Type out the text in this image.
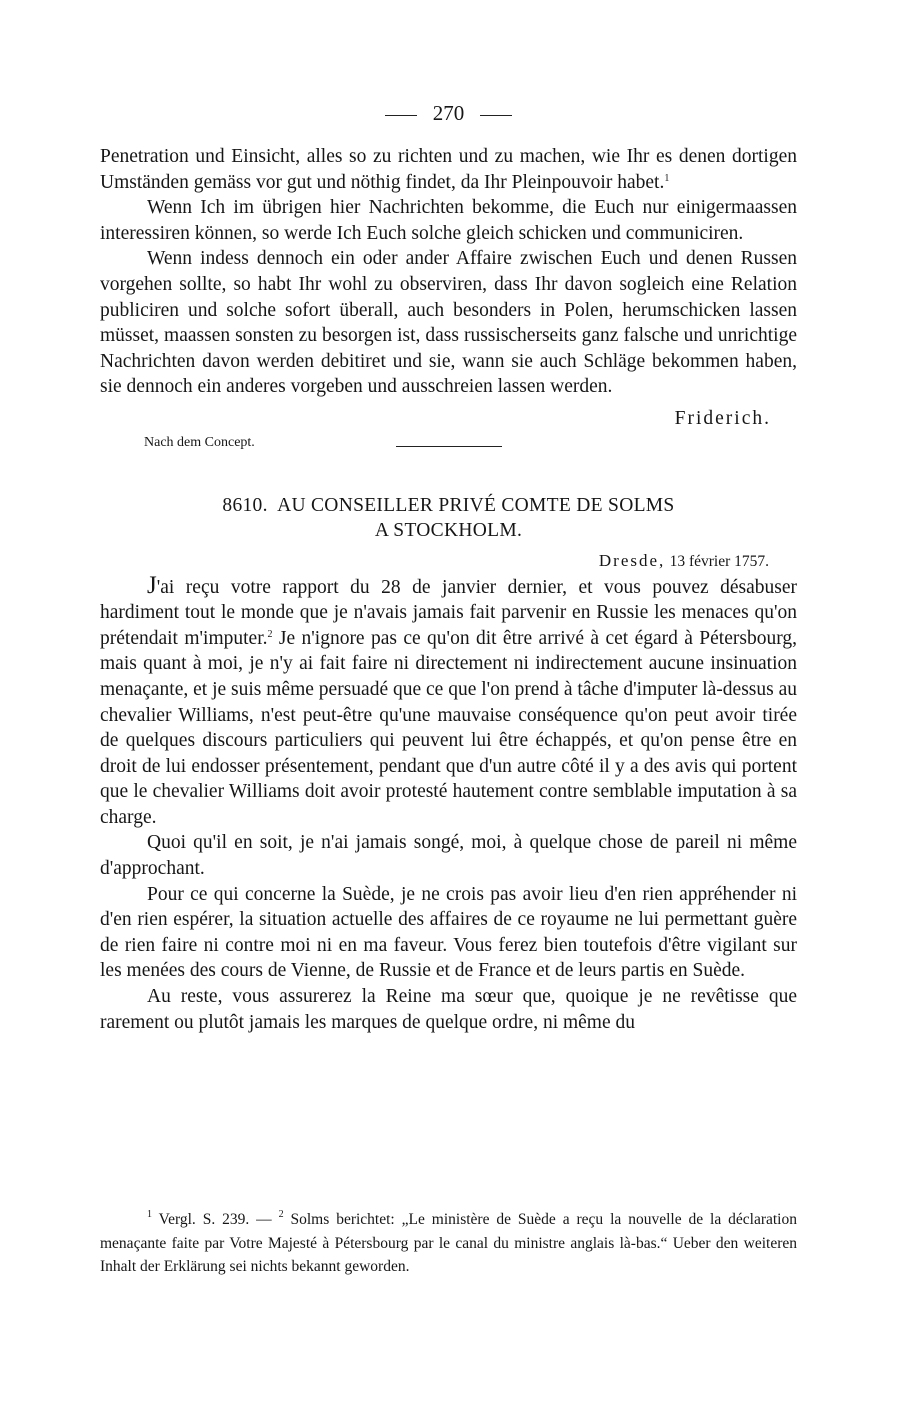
270

Penetration und Einsicht, alles so zu richten und zu machen, wie Ihr es denen dortigen Umständen gemäss vor gut und nöthig findet, da Ihr Pleinpouvoir habet.$^1$

Wenn Ich im übrigen hier Nachrichten bekomme, die Euch nur einigermaassen interessiren können, so werde Ich Euch solche gleich schicken und communiciren.

Wenn indess dennoch ein oder ander Affaire zwischen Euch und denen Russen vorgehen sollte, so habt Ihr wohl zu observiren, dass Ihr davon sogleich eine Relation publiciren und solche sofort überall, auch besonders in Polen, herumschicken lassen müsset, maassen sonsten zu besorgen ist, dass russischerseits ganz falsche und unrichtige Nachrichten davon werden debitiret und sie, wann sie auch Schläge bekommen haben, sie dennoch ein anderes vorgeben und ausschreien lassen werden.

Friderich.
Nach dem Concept.
8610. AU CONSEILLER PRIVÉ COMTE DE SOLMS
A STOCKHOLM.
Dresde, 13 février 1757.

J'ai reçu votre rapport du 28 de janvier dernier, et vous pouvez désabuser hardiment tout le monde que je n'avais jamais fait parvenir en Russie les menaces qu'on prétendait m'imputer.$^2$ Je n'ignore pas ce qu'on dit être arrivé à cet égard à Pétersbourg, mais quant à moi, je n'y ai fait faire ni directement ni indirectement aucune insinuation menaçante, et je suis même persuadé que ce que l'on prend à tâche d'imputer là-dessus au chevalier Williams, n'est peut-être qu'une mauvaise conséquence qu'on peut avoir tirée de quelques discours particuliers qui peuvent lui être échappés, et qu'on pense être en droit de lui endosser présentement, pendant que d'un autre côté il y a des avis qui portent que le chevalier Williams doit avoir protesté hautement contre semblable imputation à sa charge.

Quoi qu'il en soit, je n'ai jamais songé, moi, à quelque chose de pareil ni même d'approchant.

Pour ce qui concerne la Suède, je ne crois pas avoir lieu d'en rien appréhender ni d'en rien espérer, la situation actuelle des affaires de ce royaume ne lui permettant guère de rien faire ni contre moi ni en ma faveur. Vous ferez bien toutefois d'être vigilant sur les menées des cours de Vienne, de Russie et de France et de leurs partis en Suède.

Au reste, vous assurerez la Reine ma sœur que, quoique je ne revêtisse que rarement ou plutôt jamais les marques de quelque ordre, ni même du

$^1$ Vergl. S. 239. — $^2$ Solms berichtet: „Le ministère de Suède a reçu la nouvelle de la déclaration menaçante faite par Votre Majesté à Pétersbourg par le canal du ministre anglais là-bas.“ Ueber den weiteren Inhalt der Erklärung sei nichts bekannt geworden.
